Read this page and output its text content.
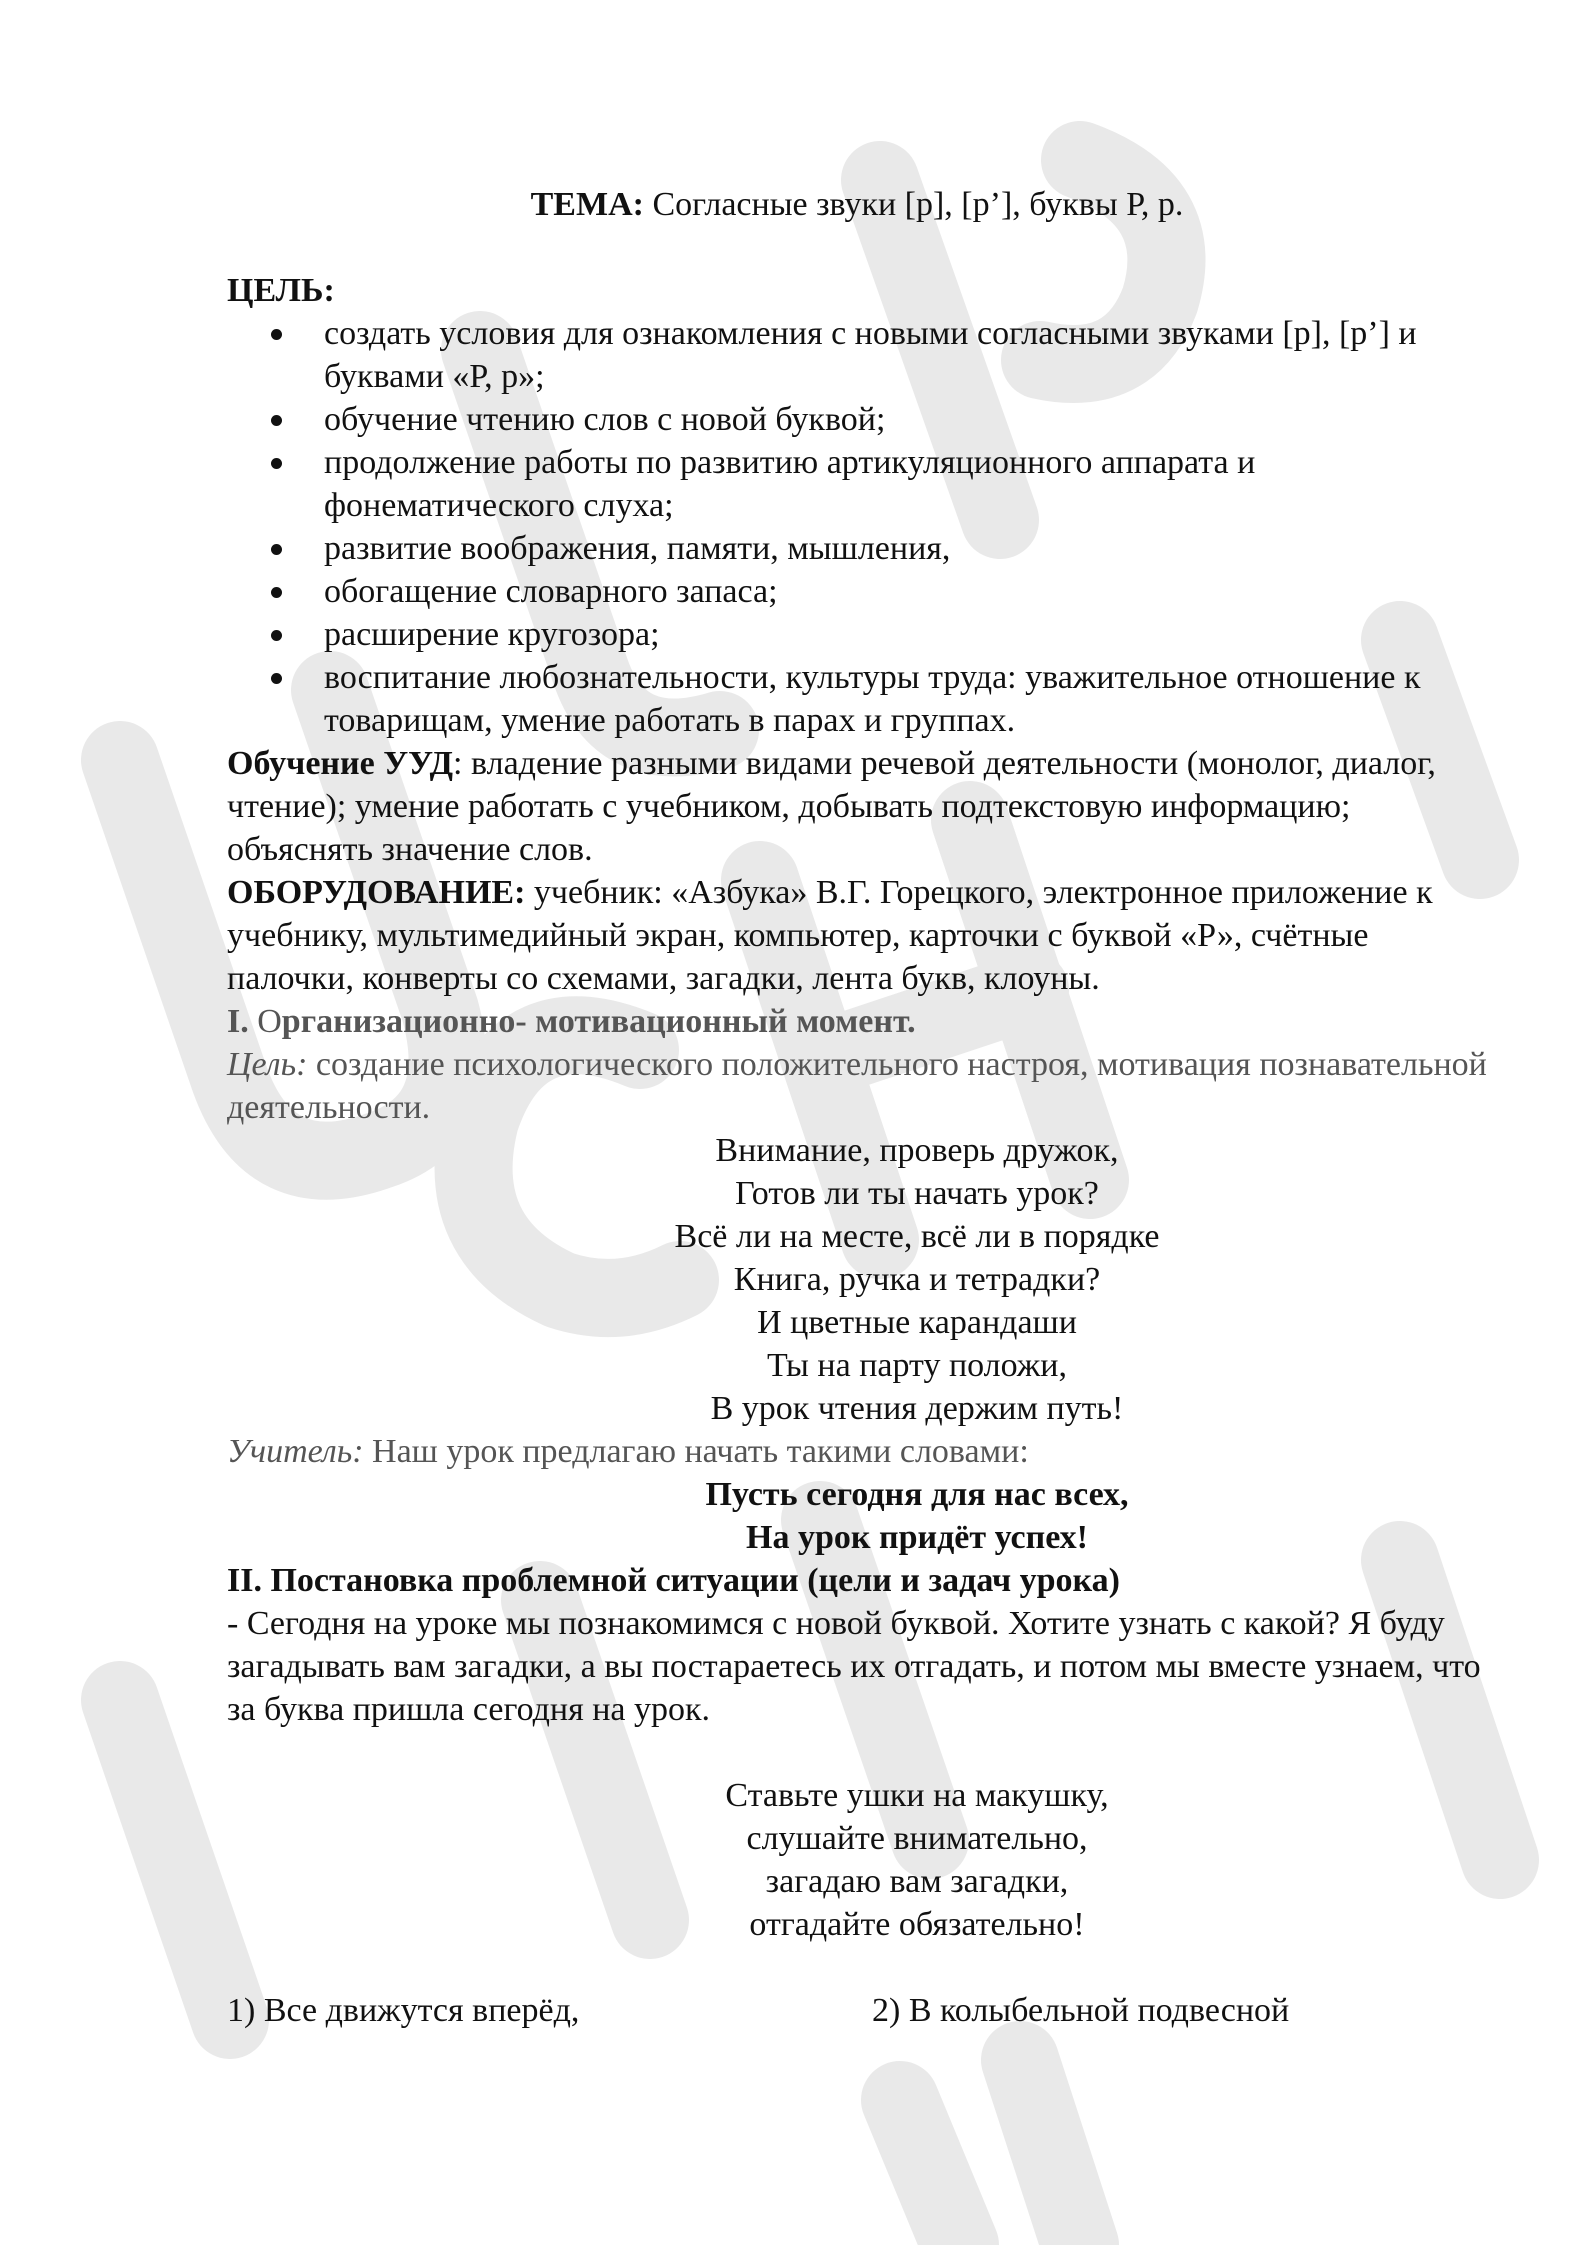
ТЕМА: Согласные звуки [р], [р’], буквы Р, р.

ЦЕЛЬ:

создать условия для ознакомления с новыми согласными звуками [р], [р’] и буквами «Р, р»;
обучение чтению слов с новой буквой;
продолжение работы по развитию артикуляционного аппарата и фонематического слуха;
развитие воображения, памяти, мышления,
обогащение словарного запаса;
расширение кругозора;
воспитание любознательности, культуры труда: уважительное отношение к товарищам, умение работать в парах и группах.

Обучение УУД: владение разными видами речевой деятельности (монолог, диалог, чтение); умение работать с учебником, добывать подтекстовую информацию; объяснять значение слов.

ОБОРУДОВАНИЕ: учебник: «Азбука» В.Г. Горецкого, электронное приложение к учебнику, мультимедийный экран, компьютер, карточки с буквой «Р», счётные палочки, конверты со схемами, загадки, лента букв, клоуны.

I. Организационно- мотивационный момент.

Цель: создание психологического положительного настроя, мотивация познавательной деятельности.

Внимание, проверь дружок,

Готов ли ты начать урок?

Всё ли на месте, всё ли в порядке

Книга, ручка и тетрадки?

И цветные карандаши

Ты на парту положи,

В урок чтения держим путь!

Учитель: Наш урок предлагаю начать такими словами:

Пусть сегодня для нас всех,

На урок придёт успех!

II. Постановка проблемной ситуации (цели и задач урока)

- Сегодня на уроке мы познакомимся с новой буквой. Хотите узнать с какой? Я буду загадывать вам загадки, а вы постараетесь их отгадать, и потом мы вместе узнаем, что за буква пришла сегодня на урок.

Ставьте ушки на макушку,

слушайте внимательно,

загадаю вам загадки,

отгадайте обязательно!

1) Все движутся вперёд,	2) В колыбельной подвесной
